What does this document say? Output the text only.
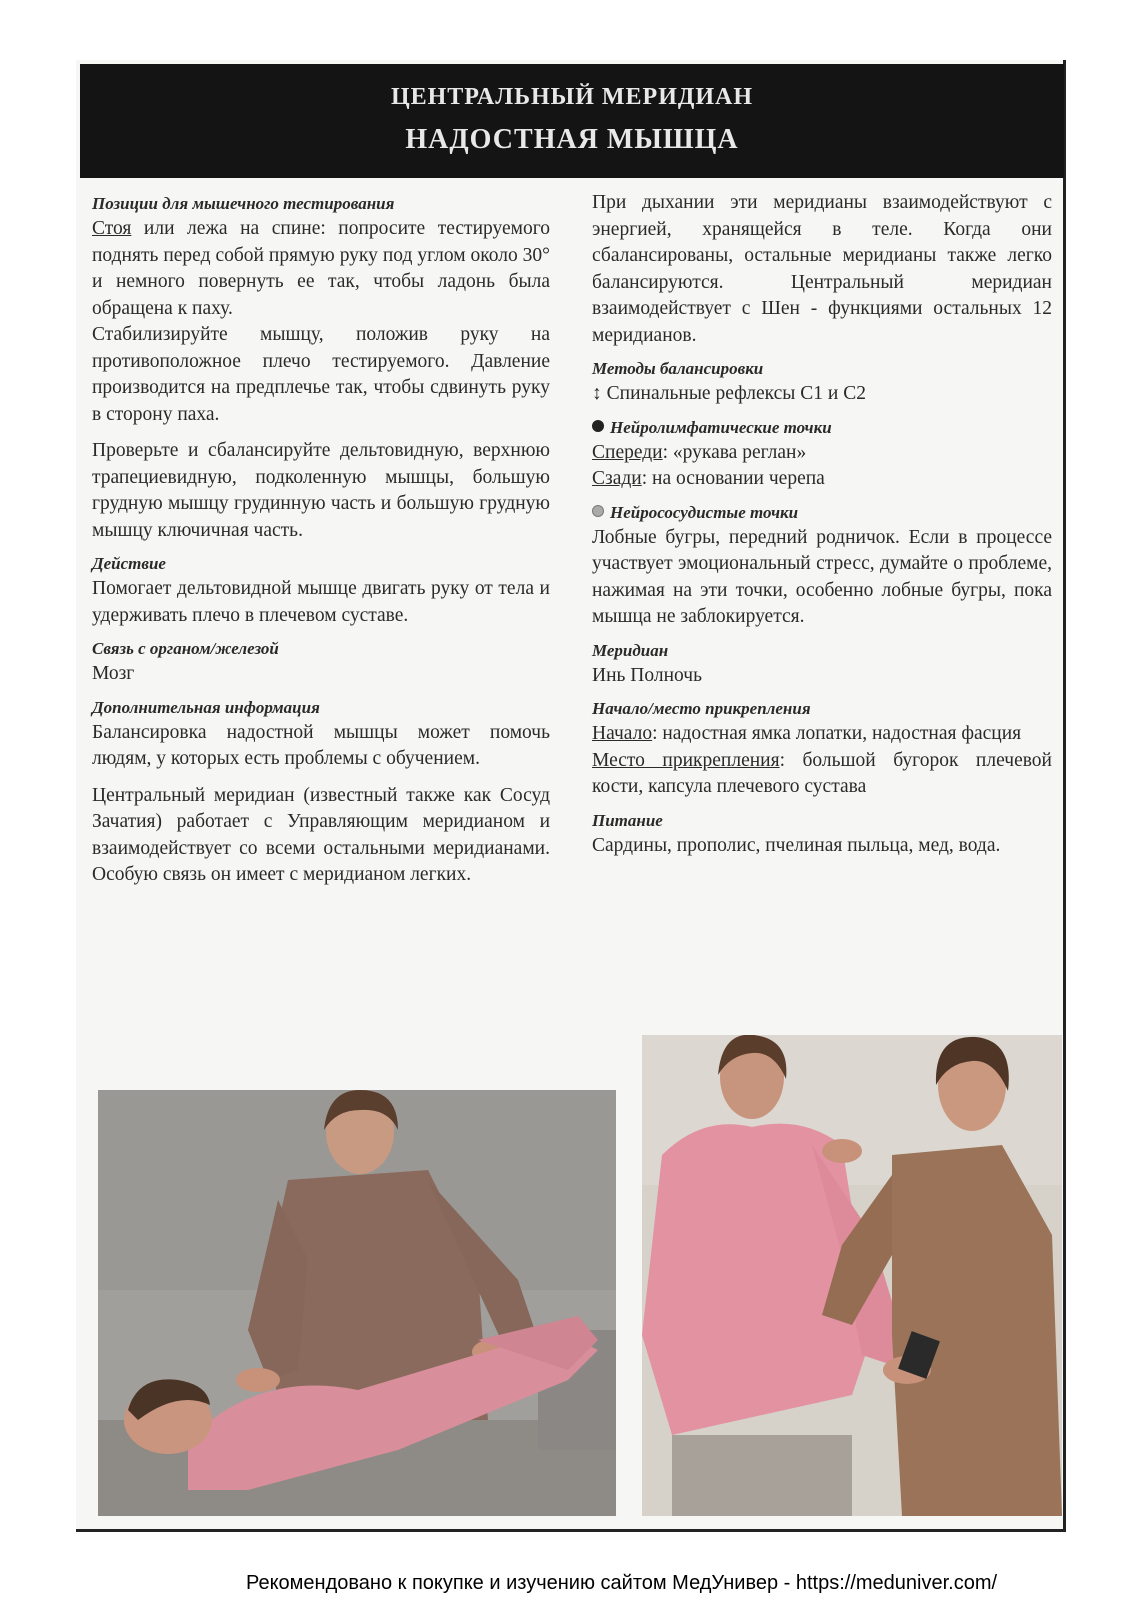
ЦЕНТРАЛЬНЫЙ МЕРИДИАН
НАДОСТНАЯ МЫШЦА
Позиции для мышечного тестирования

Стоя или лежа на спине: попросите тестируемого поднять перед собой прямую руку под углом около 30° и немного повернуть ее так, чтобы ладонь была обращена к паху.

Стабилизируйте мышцу, положив руку на противоположное плечо тестируемого. Давление производится на предплечье так, чтобы сдвинуть руку в сторону паха.

Проверьте и сбалансируйте дельтовидную, верхнюю трапециевидную, подколенную мышцы, большую грудную мышцу грудинную часть и большую грудную мышцу ключичная часть.

Действие

Помогает дельтовидной мышце двигать руку от тела и удерживать плечо в плечевом суставе.

Связь с органом/железой

Мозг

Дополнительная информация

Балансировка надостной мышцы может помочь людям, у которых есть проблемы с обучением.

Центральный меридиан (известный также как Сосуд Зачатия) работает с Управляющим меридианом и взаимодействует со всеми остальными меридианами. Особую связь он имеет с меридианом легких.

При дыхании эти меридианы взаимодействуют с энергией, хранящейся в теле. Когда они сбалансированы, остальные меридианы также легко балансируются. Центральный меридиан взаимодействует с Шен - функциями остальных 12 меридианов.

Методы балансировки

↕ Спинальные рефлексы С1 и С2

Нейролимфатические точки

Спереди: «рукава реглан»

Сзади: на основании черепа

Нейрососудистые точки

Лобные бугры, передний родничок. Если в процессе участвует эмоциональный стресс, думайте о проблеме, нажимая на эти точки, особенно лобные бугры, пока мышца не заблокируется.

Меридиан

Инь Полночь

Начало/место прикрепления

Начало: надостная ямка лопатки, надостная фасция

Место прикрепления: большой бугорок плечевой кости, капсула плечевого сустава

Питание

Сардины, прополис, пчелиная пыльца, мед, вода.

Рекомендовано к покупке и изучению сайтом МедУнивер - https://meduniver.com/
